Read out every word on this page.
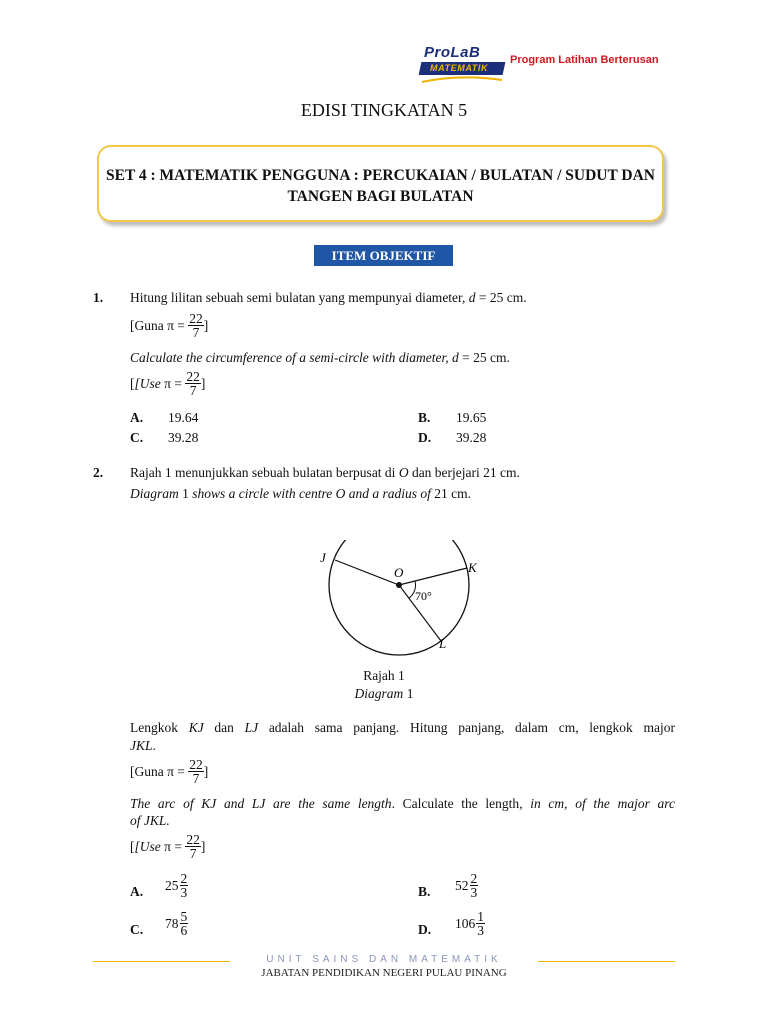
ProLaB
MATEMATIK
Program Latihan Berterusan
EDISI TINGKATAN 5
SET 4 : MATEMATIK PENGGUNA : PERCUKAIAN / BULATAN / SUDUT DAN TANGEN BAGI BULATAN
ITEM OBJEKTIF
1. Hitung lilitan sebuah semi bulatan yang mempunyai diameter, d = 25 cm.
[Guna π =
$\frac{22}{7}$ ]
Calculate the circumference of a semi-circle with diameter, d = 25 cm.
[ [Use
π =
$\frac{22}{7}$ ]
A. 19.64	B. 19.65
C. 39.28	D. 39.28
2. Rajah 1 menunjukkan sebuah bulatan berpusat di O dan berjejari 21 cm.
Diagram 1 shows a circle with centre O and a radius of 21 cm.
J
K
L
O
70°
Rajah 1
Diagram 1
Lengkok KJ dan LJ adalah sama panjang. Hitung panjang, dalam cm, lengkok major
JKL.
[Guna π =
$\frac{22}{7}$ ]
The arc of KJ and LJ are the same length. Calculate the length, in cm, of the major arc
of JKL.
[ [Use
π =
$\frac{22}{7}$ ]
A. $25 \frac{2}{3}$	B. $52 \frac{2}{3}$
C. $78 \frac{5}{6}$	D. $106 \frac{1}{3}$
UNIT SAINS DAN MATEMATIK
JABATAN PENDIDIKAN NEGERI PULAU PINANG
